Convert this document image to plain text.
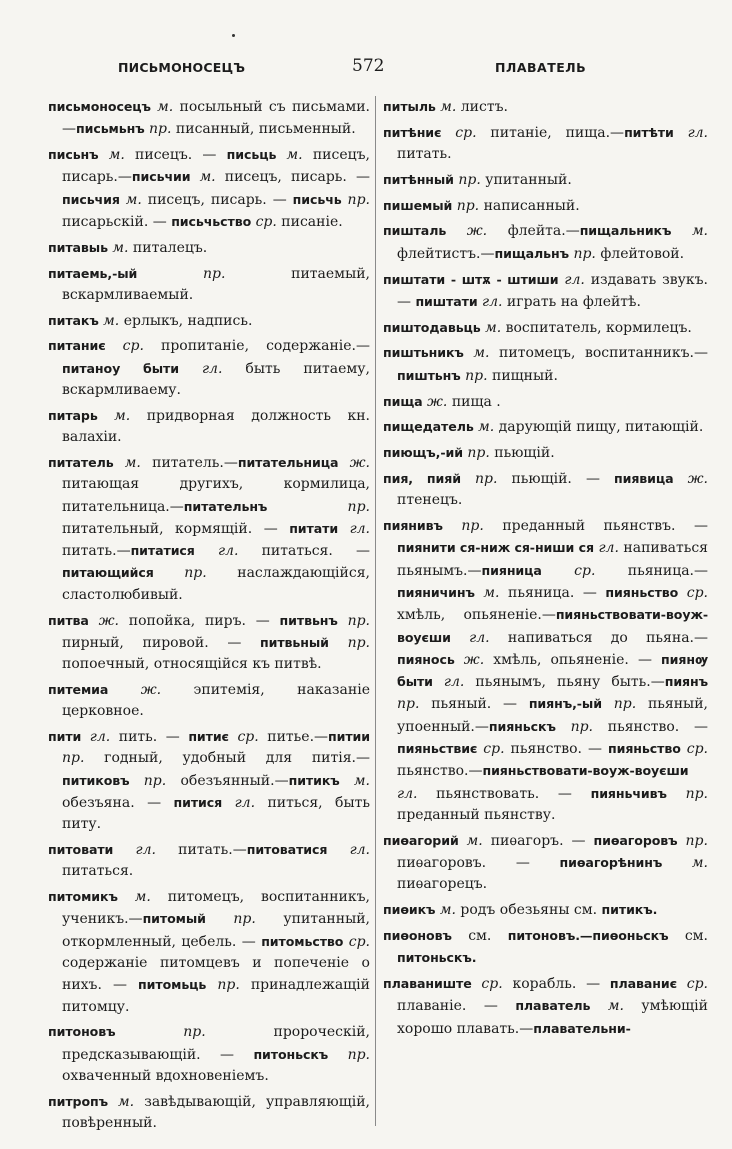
ПИСЬМОНОСЕЦЪ	572	ПЛАВАТЕЛЬ

письмоносецъ м. посыльный съ письмами.—письмьнъ пр. писанный, письменный.

письнъ м. писецъ. — письць м. писецъ, писарь.—письчии м. писецъ, писарь. — письчия м. писецъ, писарь. — письчь пр. писарьскій. — письчьство ср. писаніе.

питавыь м. питалецъ.

питаемь,-ый пр. питаемый, вскармливаемый.

питакъ м. ерлыкъ, надпись.

питаниє ср. пропитаніе, содержаніе.—питаноу быти гл. быть питаему, вскармливаему.

питарь м. придворная должность кн. валахіи.

питатель м. питатель.—питательница ж. питающая другихъ, кормилица, питательница.—питательнъ пр. питательный, кормящій. — питати гл. питать.—питатися гл. питаться. — питающийся пр. наслаждающійся, сластолюбивый.

питва ж. попойка, пиръ. — питвьнъ пр. пирный, пировой. — питвьный пр. попоечный, относящійся къ питвѣ.

питемиа ж. эпитемія, наказаніе церковное.

пити гл. пить. — питиє ср. питье.—питии пр. годный, удобный для питія.—питиковъ пр. обезъянный.—питикъ м. обезъяна. — питися гл. питься, быть питу.

питовати гл. питать.—питоватися гл. питаться.

питомикъ м. питомецъ, воспитанникъ, ученикъ.—питомый пр. упитанный, откормленный, цебель. — питомьство ср. содержаніе питомцевъ и попеченіе о нихъ. — питомьць пр. принадлежащій питомцу.

питоновъ пр. пророческій, предсказывающій. — питоньскъ пр. охваченный вдохновеніемъ.

питропъ м. завѣдывающій, управляющій, повѣренный.

питыль м. листъ.

питѣниє ср. питаніе, пища.—питѣти гл. питать.

питѣнный пр. упитанный.

пишемый пр. написанный.

пишталь ж. флейта.—пищальникъ м. флейтистъ.—пищальнъ пр. флейтовой.

пиштати - штѫ - штиши гл. издавать звукъ. — пиштати гл. играть на флейтѣ.

пиштодавьць м. воспитатель, кормилецъ.

пиштьникъ м. питомецъ, воспитанникъ.—пиштьнъ пр. пищный.

пища ж. пища .

пищедатель м. дарующій пищу, питающій.

пиющъ,-ий пр. пьющій.

пия, пияй пр. пьющій. — пиявица ж. птенецъ.

пиянивъ пр. преданный пьянствъ. — пиянити ся-ниж ся-ниши ся гл. напиваться пьянымъ.—пияница ср. пьяница.—пияничинъ м. пьяница. — пияньство ср. хмѣль, опьяненіе.—пияньствовати-воуж-воуєши гл. напиваться до пьяна.—пиянось ж. хмѣль, опьяненіе. — пиянѹ быти гл. пьянымъ, пьяну быть.—пиянъ пр. пьяный. — пиянъ,-ый пр. пьяный, упоенный.—пияньскъ пр. пьянство. — пияньствиє ср. пьянство. — пияньство ср. пьянство.—пияньствовати-воуж-воуєши гл. пьянствовать. — пияньчивъ пр. преданный пьянству.

пиѳагорий м. пиѳагоръ. — пиѳагоровъ пр. пиѳагоровъ. — пиѳагорѣнинъ м. пиѳагорецъ.

пиѳикъ м. родъ обезьяны см. питикъ.

пиѳоновъ см. питоновъ.—пиѳоньскъ см. питоньскъ.

плаваниште ср. корабль. — плаваниє ср. плаваніе. — плаватель м. умѣющій хорошо плавать.—плавательни-
